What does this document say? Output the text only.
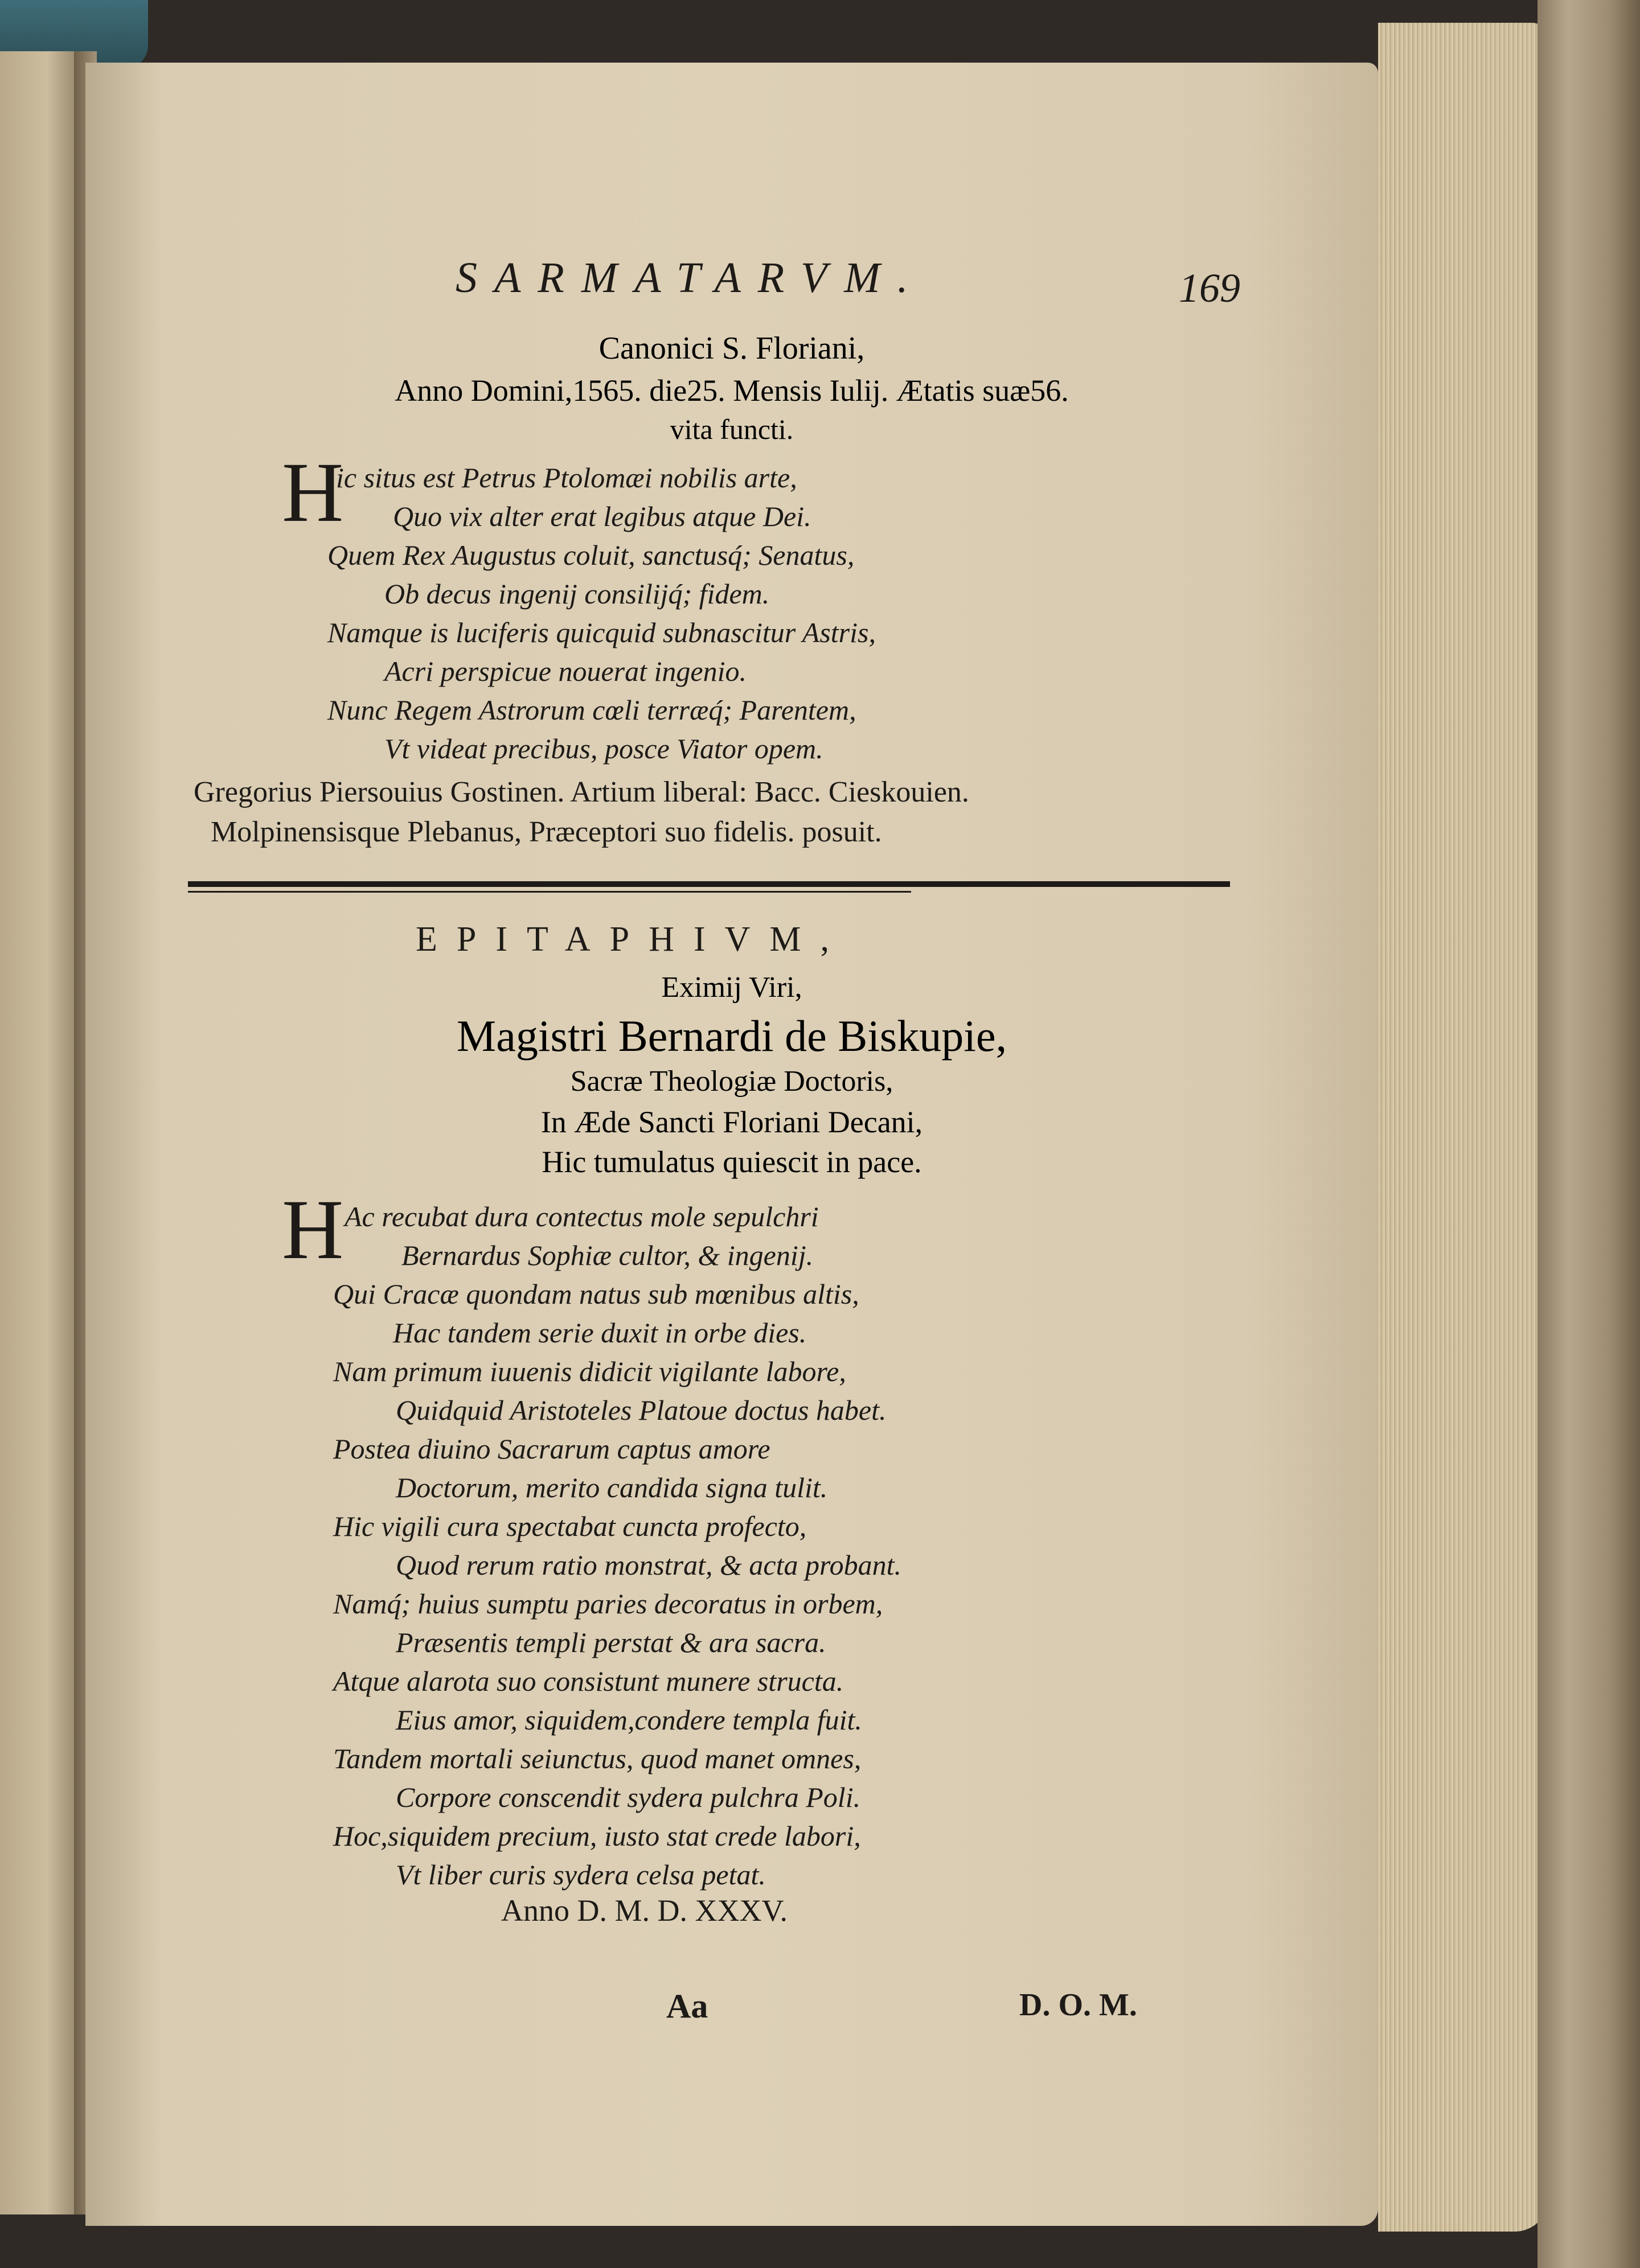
SARMATARVM.	169
Canonici S. Floriani,
Anno Domini,1565. die25. Mensis Iulij. Ætatis suæ56.
vita functi.
H
ic situs est Petrus Ptolomæi nobilis arte,
Quo vix alter erat legibus atque Dei.
Quem Rex Augustus coluit, sanctusq́; Senatus,
Ob decus ingenij consilijq́; fidem.
Namque is luciferis quicquid subnascitur Astris,
Acri perspicue nouerat ingenio.
Nunc Regem Astrorum cœli terræq́; Parentem,
Vt videat precibus, posce Viator opem.
Gregorius Piersouius Gostinen. Artium liberal: Bacc. Cieskouien.
Molpinensisque Plebanus, Præceptori suo fidelis. posuit.
EPITAPHIVM,
Eximij Viri,
Magistri Bernardi de Biskupie,
Sacræ Theologiæ Doctoris,
In Æde Sancti Floriani Decani,
Hic tumulatus quiescit in pace.
H Ac recubat dura contectus mole sepulchri
Bernardus Sophiæ cultor, & ingenij.
Qui Cracæ quondam natus sub mœnibus altis,
Hac tandem serie duxit in orbe dies.
Nam primum iuuenis didicit vigilante labore,
Quidquid Aristoteles Platoue doctus habet.
Postea diuino Sacrarum captus amore
Doctorum, merito candida signa tulit.
Hic vigili cura spectabat cuncta profecto,
Quod rerum ratio monstrat, & acta probant.
Namq́; huius sumptu paries decoratus in orbem,
Præsentis templi perstat & ara sacra.
Atque alarota suo consistunt munere structa.
Eius amor, siquidem,condere templa fuit.
Tandem mortali seiunctus, quod manet omnes,
Corpore conscendit sydera pulchra Poli.
Hoc,siquidem precium, iusto stat crede labori,
Vt liber curis sydera celsa petat.
Anno D. M. D. XXXV.
Aa	D. O. M.
